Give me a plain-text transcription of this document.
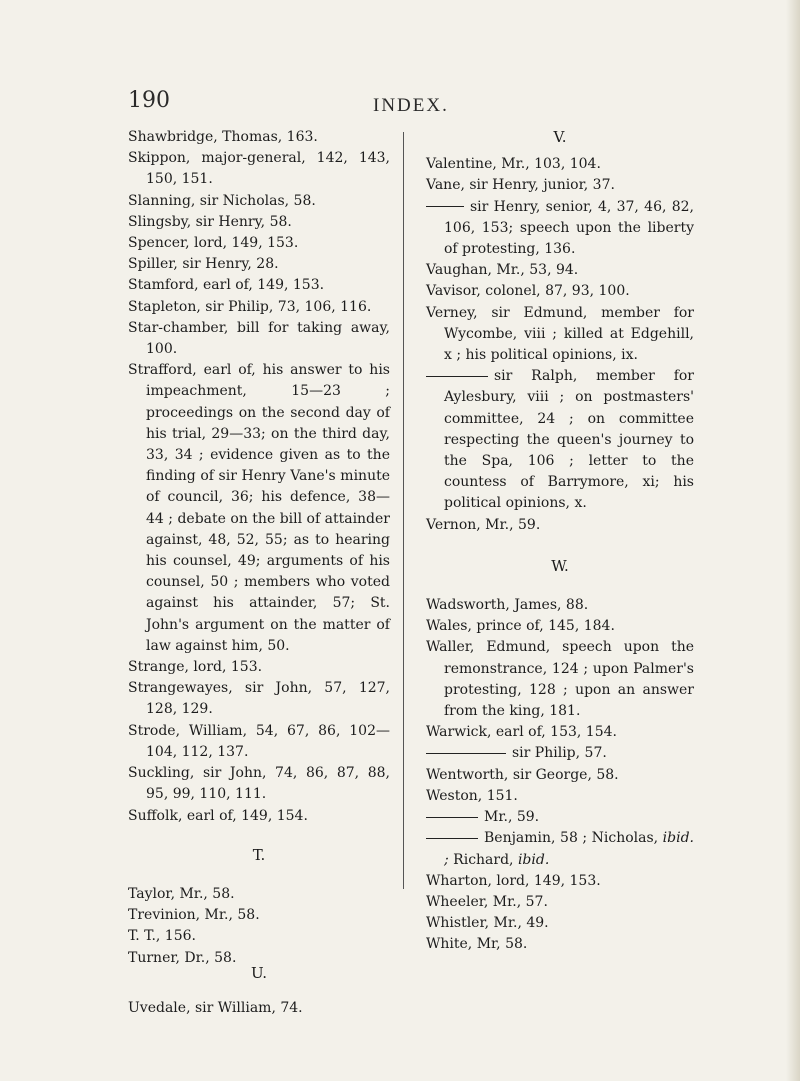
190	INDEX.
Shawbridge, Thomas, 163.
Skippon, major-general, 142, 143, 150, 151.
Slanning, sir Nicholas, 58.
Slingsby, sir Henry, 58.
Spencer, lord, 149, 153.
Spiller, sir Henry, 28.
Stamford, earl of, 149, 153.
Stapleton, sir Philip, 73, 106, 116.
Star-chamber, bill for taking away, 100.
Strafford, earl of, his answer to his impeachment, 15—23 ; proceedings on the second day of his trial, 29—33; on the third day, 33, 34 ; evidence given as to the finding of sir Henry Vane's minute of council, 36; his defence, 38—44 ; debate on the bill of attainder against, 48, 52, 55; as to hearing his counsel, 49; arguments of his counsel, 50 ; members who voted against his attainder, 57; St. John's argument on the matter of law against him, 50.
Strange, lord, 153.
Strangewayes, sir John, 57, 127, 128, 129.
Strode, William, 54, 67, 86, 102—104, 112, 137.
Suckling, sir John, 74, 86, 87, 88, 95, 99, 110, 111.
Suffolk, earl of, 149, 154.
T.
Taylor, Mr., 58.
Trevinion, Mr., 58.
T. T., 156.
Turner, Dr., 58.
U.
Uvedale, sir William, 74.
V.
Valentine, Mr., 103, 104.
Vane, sir Henry, junior, 37.
sir Henry, senior, 4, 37, 46, 82, 106, 153; speech upon the liberty of protesting, 136.
Vaughan, Mr., 53, 94.
Vavisor, colonel, 87, 93, 100.
Verney, sir Edmund, member for Wycombe, viii ; killed at Edgehill, x ; his political opinions, ix.
sir Ralph, member for Aylesbury, viii ; on postmasters' committee, 24 ; on committee respecting the queen's journey to the Spa, 106 ; letter to the countess of Barrymore, xi; his political opinions, x.
Vernon, Mr., 59.
W.
Wadsworth, James, 88.
Wales, prince of, 145, 184.
Waller, Edmund, speech upon the remonstrance, 124 ; upon Palmer's protesting, 128 ; upon an answer from the king, 181.
Warwick, earl of, 153, 154.
sir Philip, 57.
Wentworth, sir George, 58.
Weston, 151.
Mr., 59.
Benjamin, 58 ; Nicholas, ibid. ; Richard, ibid.
Wharton, lord, 149, 153.
Wheeler, Mr., 57.
Whistler, Mr., 49.
White, Mr, 58.
